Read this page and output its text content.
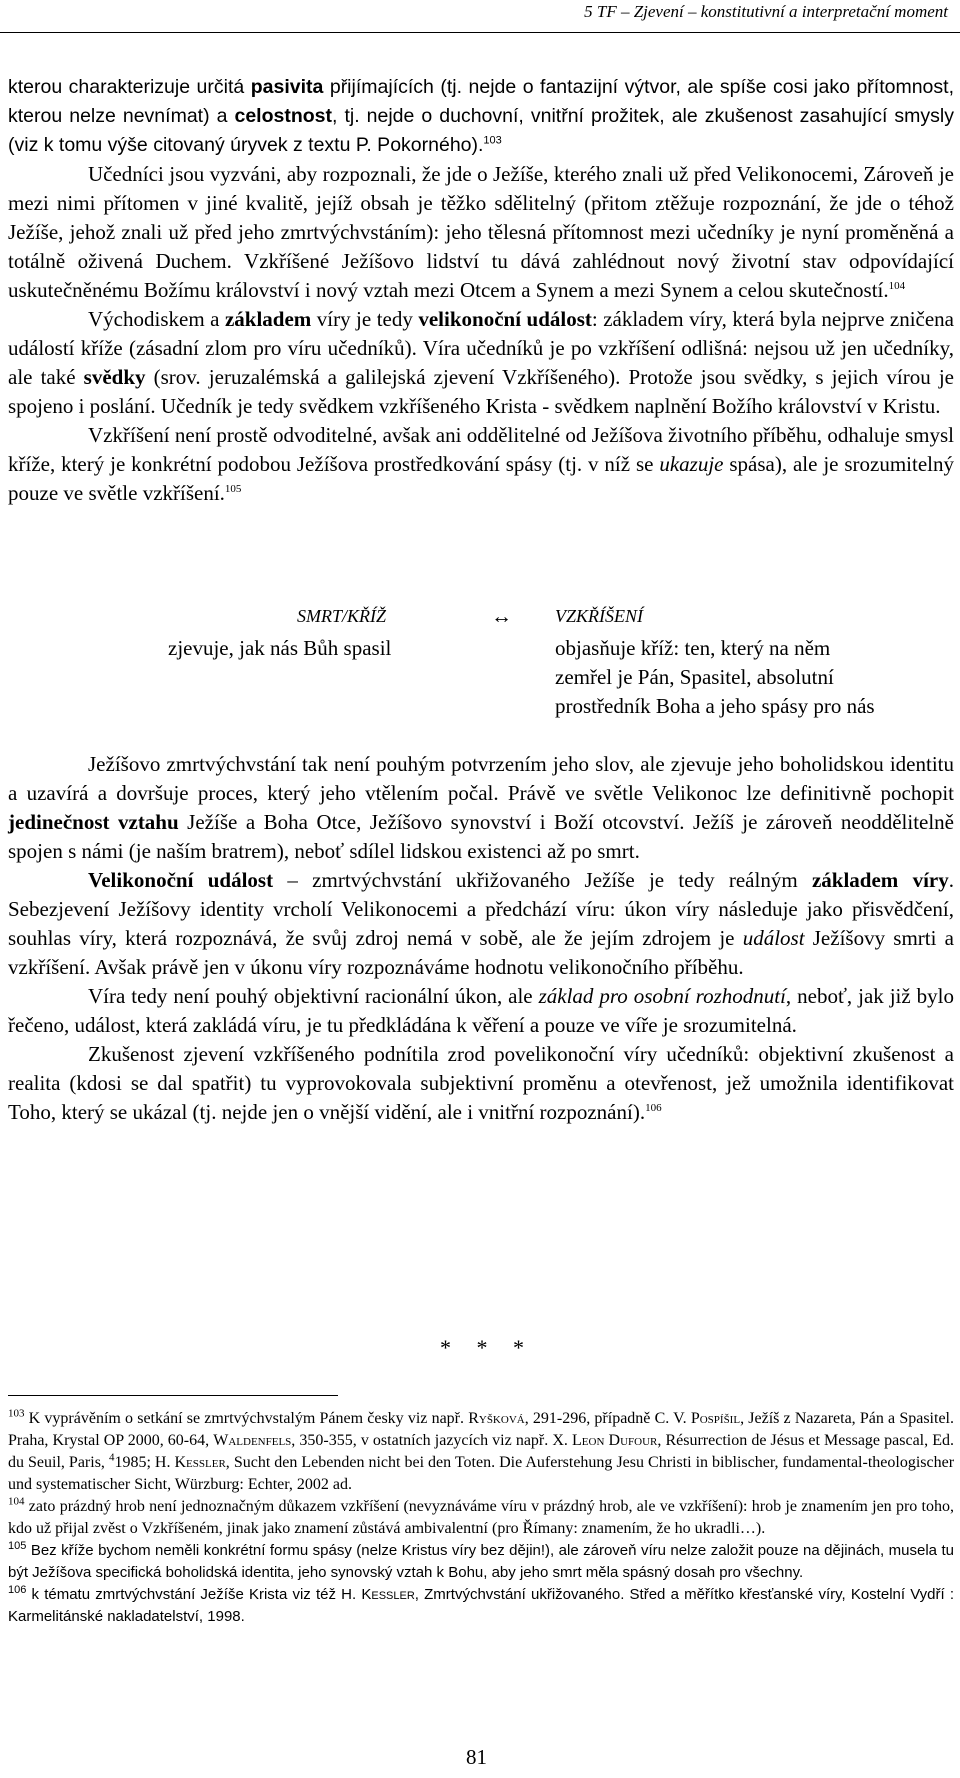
5 TF – Zjevení – konstitutivní a interpretační moment

kterou charakterizuje určitá pasivita přijímajících (tj. nejde o fantazijní výtvor, ale spíše cosi jako přítomnost, kterou nelze nevnímat) a celostnost, tj. nejde o duchovní, vnitřní prožitek, ale zkušenost zasahující smysly (viz k tomu výše citovaný úryvek z textu P. Pokorného).$^{103}$

Učedníci jsou vyzváni, aby rozpoznali, že jde o Ježíše, kterého znali už před Velikonocemi, Zároveň je mezi nimi přítomen v jiné kvalitě, jejíž obsah je těžko sdělitelný (přitom ztěžuje rozpoznání, že jde o téhož Ježíše, jehož znali už před jeho zmrtvýchvstáním): jeho tělesná přítomnost mezi učedníky je nyní proměněná a totálně oživená Duchem. Vzkříšené Ježíšovo lidství tu dává zahlédnout nový životní stav odpovídající uskutečněnému Božímu království i nový vztah mezi Otcem a Synem a mezi Synem a celou skutečností.$^{104}$

Východiskem a základem víry je tedy velikonoční událost: základem víry, která byla nejprve zničena událostí kříže (zásadní zlom pro víru učedníků). Víra učedníků je po vzkříšení odlišná: nejsou už jen učedníky, ale také svědky (srov. jeruzalémská a galilejská zjevení Vzkříšeného). Protože jsou svědky, s jejich vírou je spojeno i poslání. Učedník je tedy svědkem vzkříšeného Krista - svědkem naplnění Božího království v Kristu.

Vzkříšení není prostě odvoditelné, avšak ani oddělitelné od Ježíšova životního příběhu, odhaluje smysl kříže, který je konkrétní podobou Ježíšova prostředkování spásy (tj. v níž se ukazuje spása), ale je srozumitelný pouze ve světle vzkříšení.$^{105}$

SMRT/KŘÍŽ	↔ VZKŘÍŠENÍ
zjevuje, jak nás Bůh spasil	objasňuje kříž: ten, který na něm
zemřel je Pán, Spasitel, absolutní
prostředník Boha a jeho spásy pro nás

Ježíšovo zmrtvýchvstání tak není pouhým potvrzením jeho slov, ale zjevuje jeho boholidskou identitu a uzavírá a dovršuje proces, který jeho vtělením počal. Právě ve světle Velikonoc lze definitivně pochopit jedinečnost vztahu Ježíše a Boha Otce, Ježíšovo synovství i Boží otcovství. Ježíš je zároveň neoddělitelně spojen s námi (je naším bratrem), neboť sdílel lidskou existenci až po smrt.

Velikonoční událost – zmrtvýchvstání ukřižovaného Ježíše je tedy reálným základem víry. Sebezjevení Ježíšovy identity vrcholí Velikonocemi a předchází víru: úkon víry následuje jako přisvědčení, souhlas víry, která rozpoznává, že svůj zdroj nemá v sobě, ale že jejím zdrojem je událost Ježíšovy smrti a vzkříšení. Avšak právě jen v úkonu víry rozpoznáváme hodnotu velikonočního příběhu.

Víra tedy není pouhý objektivní racionální úkon, ale základ pro osobní rozhodnutí, neboť, jak již bylo řečeno, událost, která zakládá víru, je tu předkládána k věření a pouze ve víře je srozumitelná.

Zkušenost zjevení vzkříšeného podnítila zrod povelikonoční víry učedníků: objektivní zkušenost a realita (kdosi se dal spatřit) tu vyprovokovala subjektivní proměnu a otevřenost, jež umožnila identifikovat Toho, který se ukázal (tj. nejde jen o vnější vidění, ale i vnitřní rozpoznání).$^{106}$

* * *

$^{103}$ K vyprávěním o setkání se zmrtvýchvstalým Pánem česky viz např. Ryšková, 291-296, případně C. V. Pospíšil, Ježíš z Nazareta, Pán a Spasitel. Praha, Krystal OP 2000, 60-64, Waldenfels, 350-355, v ostatních jazycích viz např. X. Leon Dufour, Résurrection de Jésus et Message pascal, Ed. du Seuil, Paris, $^4$1985; H. Kessler, Sucht den Lebenden nicht bei den Toten. Die Auferstehung Jesu Christi in biblischer, fundamental-theologischer und systematischer Sicht, Würzburg: Echter, 2002 ad.

$^{104}$ zato prázdný hrob není jednoznačným důkazem vzkříšení (nevyznáváme víru v prázdný hrob, ale ve vzkříšení): hrob je znamením jen pro toho, kdo už přijal zvěst o Vzkříšeném, jinak jako znamení zůstává ambivalentní (pro Římany: znamením, že ho ukradli…).

$^{105}$ Bez kříže bychom neměli konkrétní formu spásy (nelze Kristus víry bez dějin!), ale zároveň víru nelze založit pouze na dějinách, musela tu být Ježíšova specifická boholidská identita, jeho synovský vztah k Bohu, aby jeho smrt měla spásný dosah pro všechny.

$^{106}$ k tématu zmrtvýchvstání Ježíše Krista viz též H. Kessler, Zmrtvýchvstání ukřižovaného. Střed a měřítko křesťanské víry, Kostelní Vydří : Karmelitánské nakladatelství, 1998.

81
